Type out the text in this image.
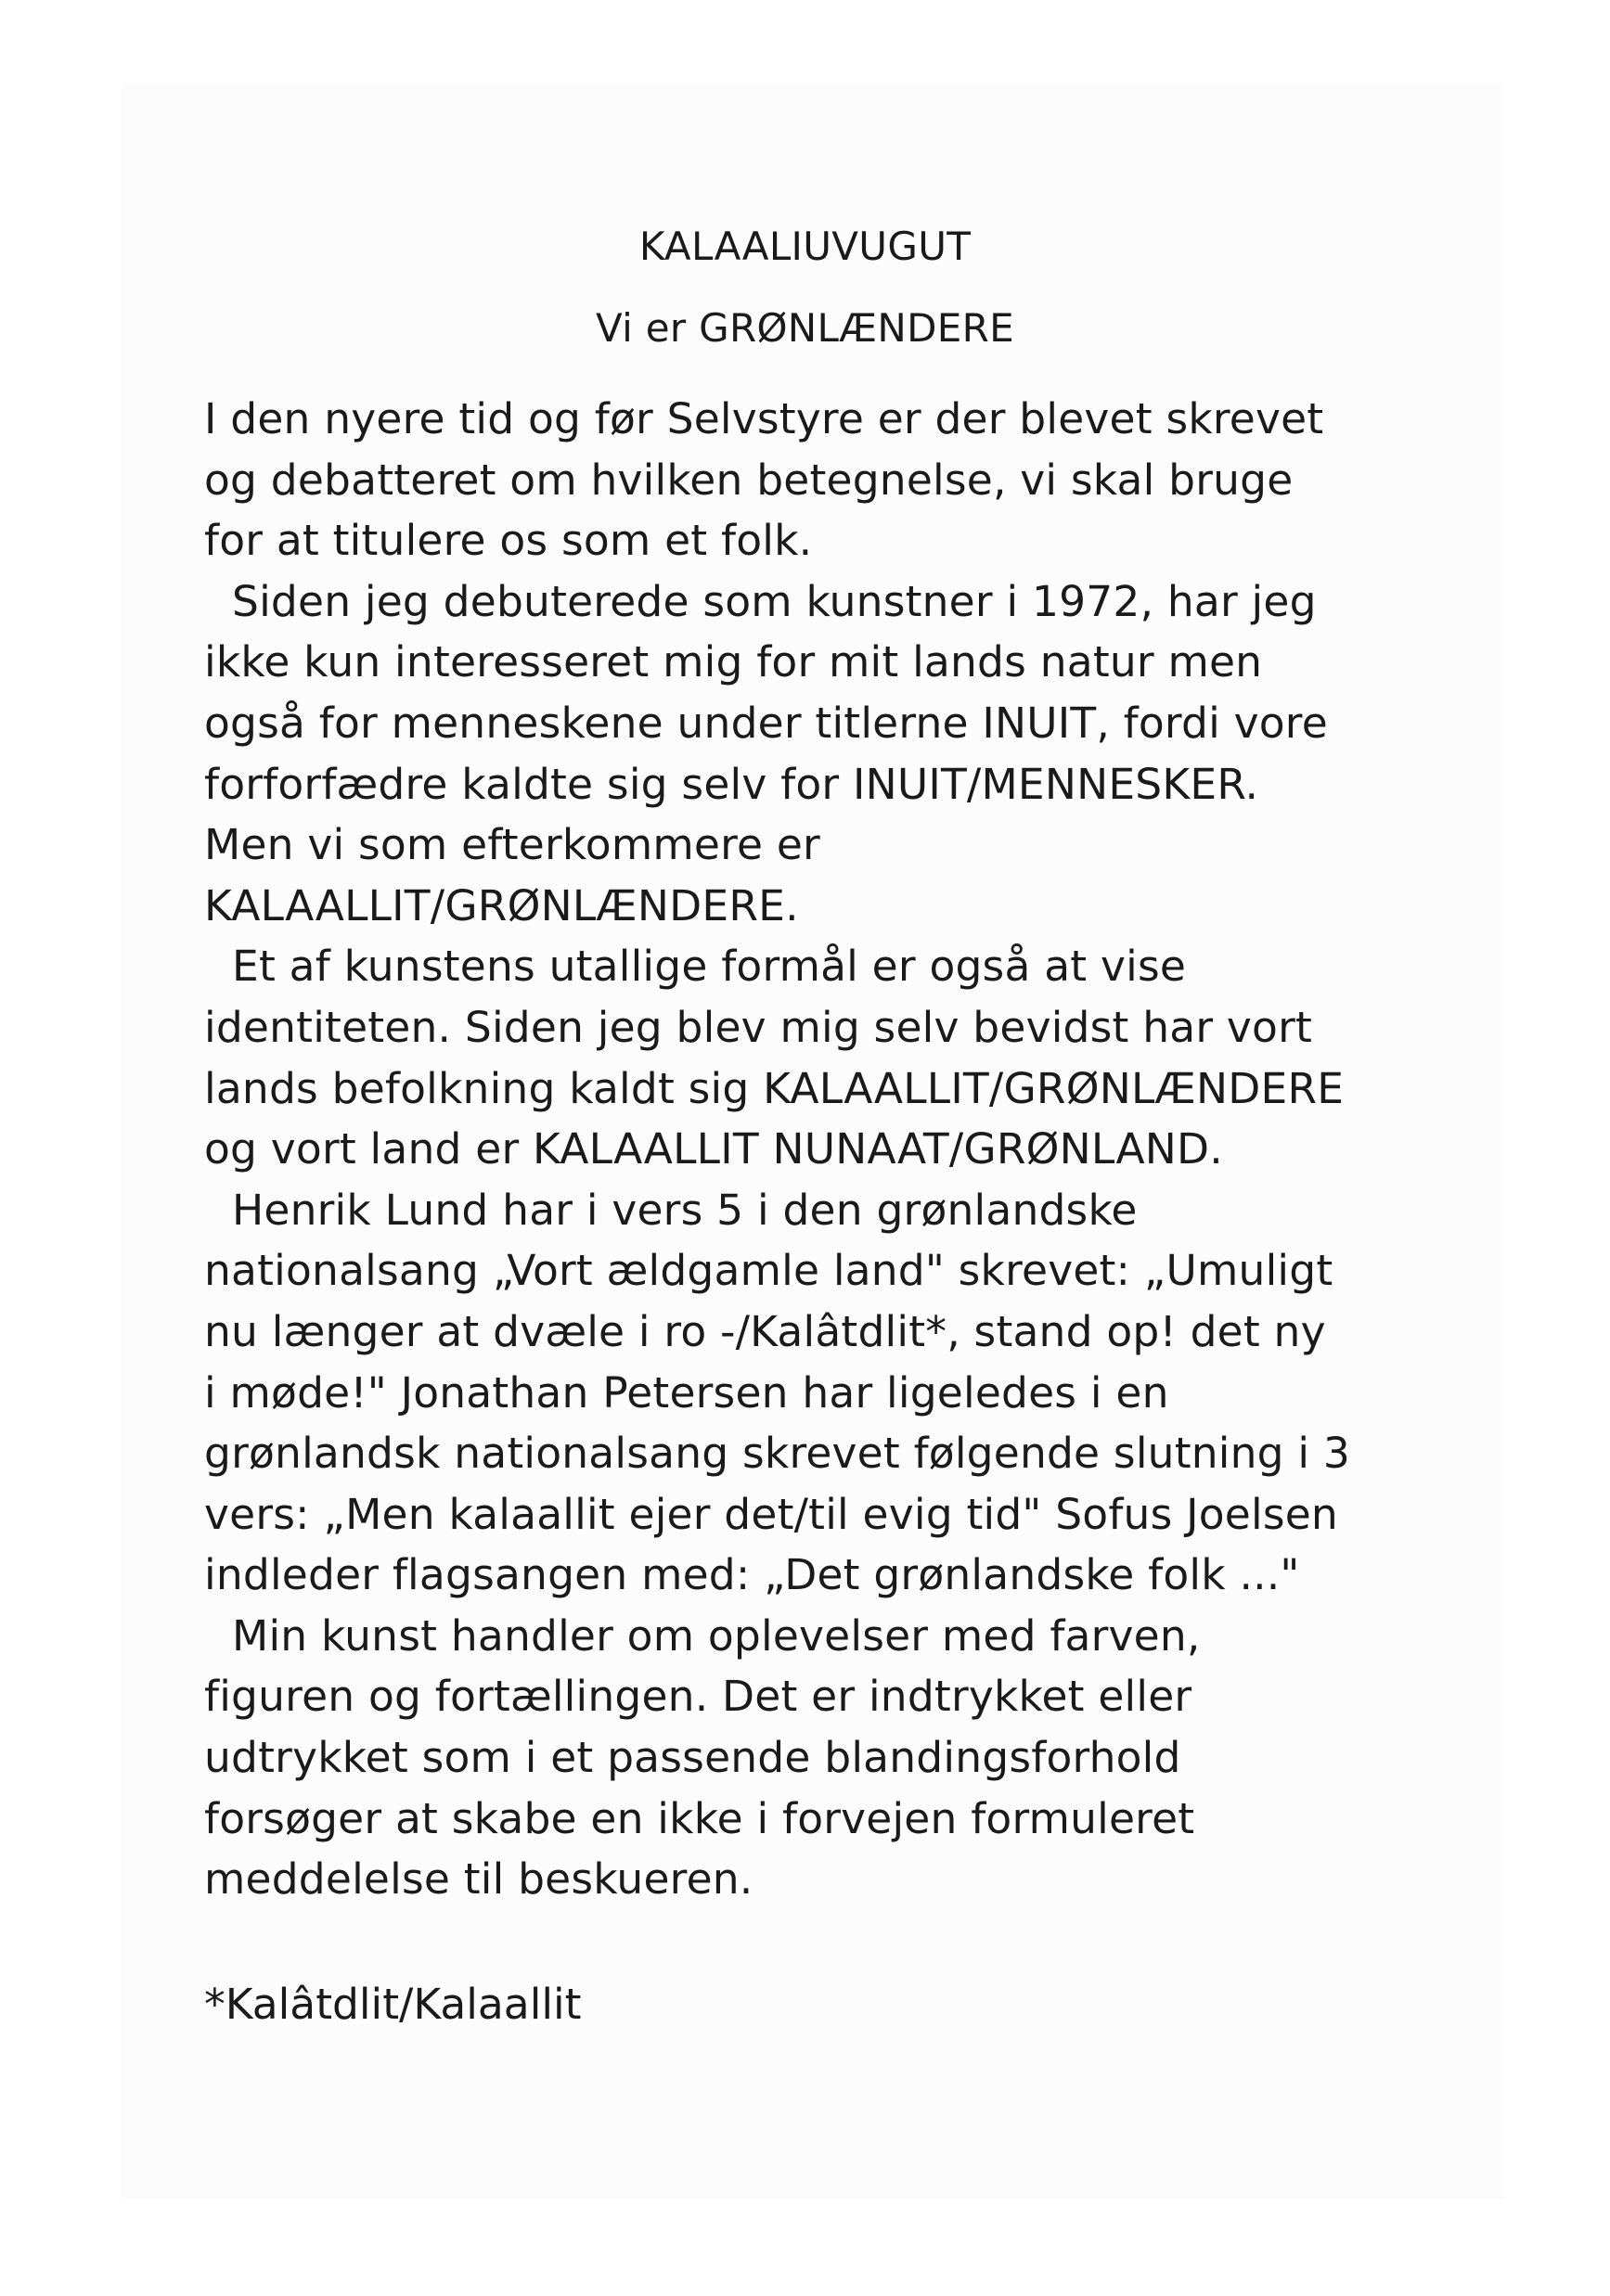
KALAALIUVUGUT
Vi er GRØNLÆNDERE

I den nyere tid og før Selvstyre er der blevet skrevet
og debatteret om hvilken betegnelse, vi skal bruge
for at titulere os som et folk.

Siden jeg debuterede som kunstner i 1972, har jeg
ikke kun interesseret mig for mit lands natur men
også for menneskene under titlerne INUIT, fordi vore
forforfædre kaldte sig selv for INUIT/MENNESKER.
Men vi som efterkommere er
KALAALLIT/GRØNLÆNDERE.

Et af kunstens utallige formål er også at vise
identiteten. Siden jeg blev mig selv bevidst har vort
lands befolkning kaldt sig KALAALLIT/GRØNLÆNDERE
og vort land er KALAALLIT NUNAAT/GRØNLAND.

Henrik Lund har i vers 5 i den grønlandske
nationalsang „Vort ældgamle land" skrevet: „Umuligt
nu længer at dvæle i ro -/Kalâtdlit*, stand op! det ny
i møde!" Jonathan Petersen har ligeledes i en
grønlandsk nationalsang skrevet følgende slutning i 3
vers: „Men kalaallit ejer det/til evig tid" Sofus Joelsen
indleder flagsangen med: „Det grønlandske folk ..."

Min kunst handler om oplevelser med farven,
figuren og fortællingen. Det er indtrykket eller
udtrykket som i et passende blandingsforhold
forsøger at skabe en ikke i forvejen formuleret
meddelelse til beskueren.

*Kalâtdlit/Kalaallit
